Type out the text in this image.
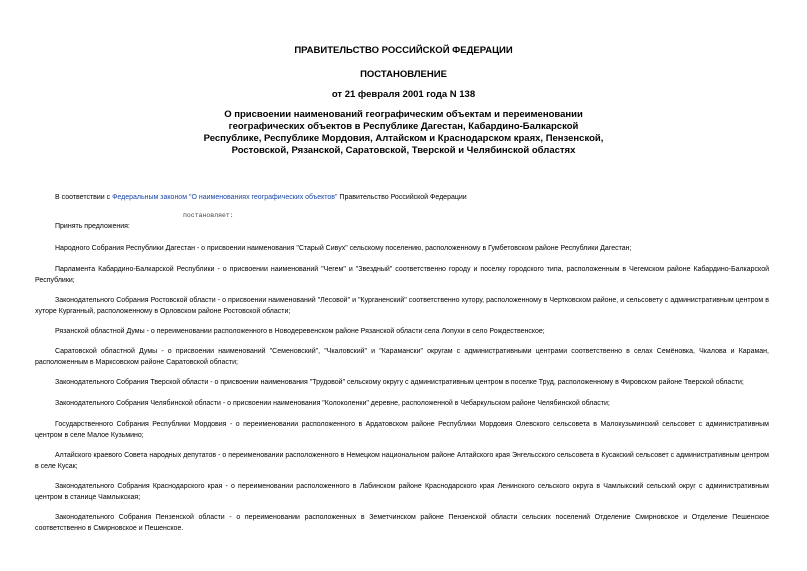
ПРАВИТЕЛЬСТВО РОССИЙСКОЙ ФЕДЕРАЦИИ
ПОСТАНОВЛЕНИЕ
от 21 февраля 2001 года N 138
О присвоении наименований географическим объектам и переименовании географических объектов в Республике Дагестан, Кабардино-Балкарской Республике, Республике Мордовия, Алтайском и Краснодарском краях, Пензенской, Ростовской, Рязанской, Саратовской, Тверской и Челябинской областях
В соответствии с Федеральным законом "О наименованиях географических объектов" Правительство Российской Федерации
постановляет:
Принять предложения:
Народного Собрания Республики Дагестан - о присвоении наименования "Старый Сивух" сельскому поселению, расположенному в Гумбетовском районе Республики Дагестан;
Парламента Кабардино-Балкарской Республики - о присвоении наименований "Чегем" и "Звездный" соответственно городу и поселку городского типа, расположенным в Чегемском районе Кабардино-Балкарской Республики;
Законодательного Собрания Ростовской области - о присвоении наименований "Лесовой" и "Курганенский" соответственно хутору, расположенному в Чертковском районе, и сельсовету с административным центром в хуторе Курганный, расположенному в Орловском районе Ростовской области;
Рязанской областной Думы - о переименовании расположенного в Новодеревенском районе Рязанской области села Лопухи в село Рождественское;
Саратовской областной Думы - о присвоении наименований "Семеновский", "Чкаловский" и "Карамански" округам с административными центрами соответственно в селах Семёновка, Чкалова и Караман, расположенным в Марксовском районе Саратовской области;
Законодательного Собрания Тверской области - о присвоении наименования "Трудовой" сельскому округу с административным центром в поселке Труд, расположенному в Фировском районе Тверской области;
Законодательного Собрания Челябинской области - о присвоении наименования "Колоколенки" деревне, расположенной в Чебаркульском районе Челябинской области;
Государственного Собрания Республики Мордовия - о переименовании расположенного в Ардатовском районе Республики Мордовия Олевского сельсовета в Малокузьминский сельсовет с административным центром в селе Малое Кузьмино;
Алтайского краевого Совета народных депутатов - о переименовании расположенного в Немецком национальном районе Алтайского края Энгельсского сельсовета в Кусакский сельсовет с административным центром в селе Кусак;
Законодательного Собрания Краснодарского края - о переименовании расположенного в Лабинском районе Краснодарского края Ленинского сельского округа в Чамлыкский сельский округ с административным центром в станице Чамлыкская;
Законодательного Собрания Пензенской области - о переименовании расположенных в Земетчинском районе Пензенской области сельских поселений Отделение Смирновское и Отделение Пешенское соответственно в Смирновское и Пешенское.
